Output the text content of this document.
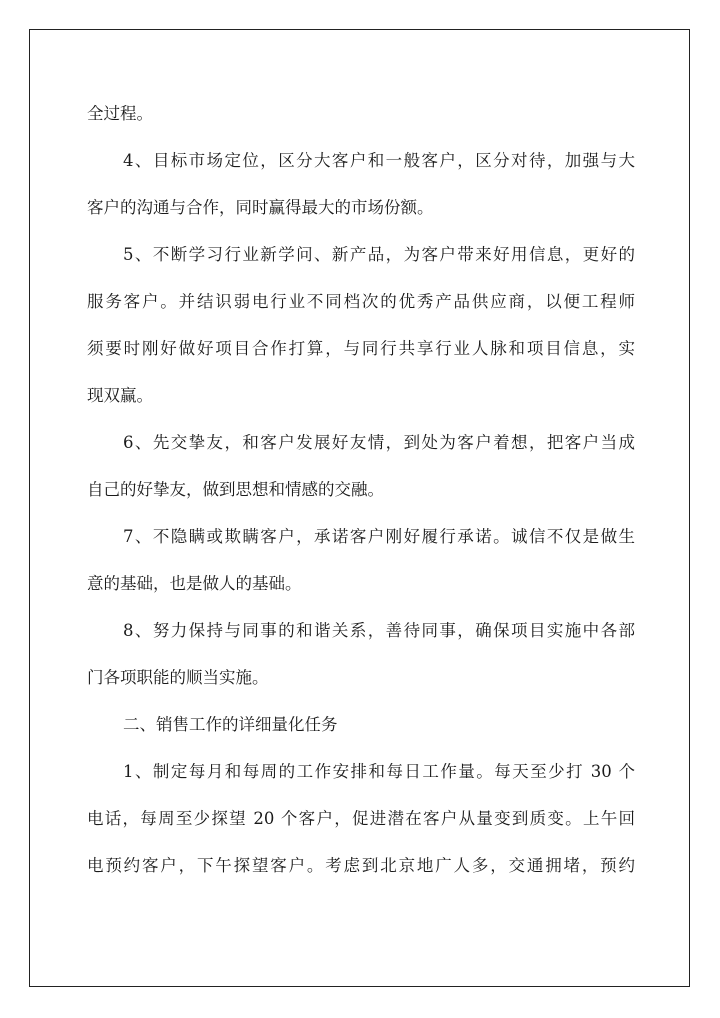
全过程。
4、目标市场定位，区分大客户和一般客户，区分对待，加强与大
客户的沟通与合作，同时赢得最大的市场份额。
5、不断学习行业新学问、新产品，为客户带来好用信息，更好的
服务客户。并结识弱电行业不同档次的优秀产品供应商，以便工程师
须要时刚好做好项目合作打算，与同行共享行业人脉和项目信息，实
现双赢。
6、先交挚友，和客户发展好友情，到处为客户着想，把客户当成
自己的好挚友，做到思想和情感的交融。
7、不隐瞒或欺瞒客户，承诺客户刚好履行承诺。诚信不仅是做生
意的基础，也是做人的基础。
8、努力保持与同事的和谐关系，善待同事，确保项目实施中各部
门各项职能的顺当实施。
二、销售工作的详细量化任务
1、制定每月和每周的工作安排和每日工作量。每天至少打 30 个
电话，每周至少探望 20 个客户，促进潜在客户从量变到质变。上午回
电预约客户，下午探望客户。考虑到北京地广人多，交通拥堵，预约
